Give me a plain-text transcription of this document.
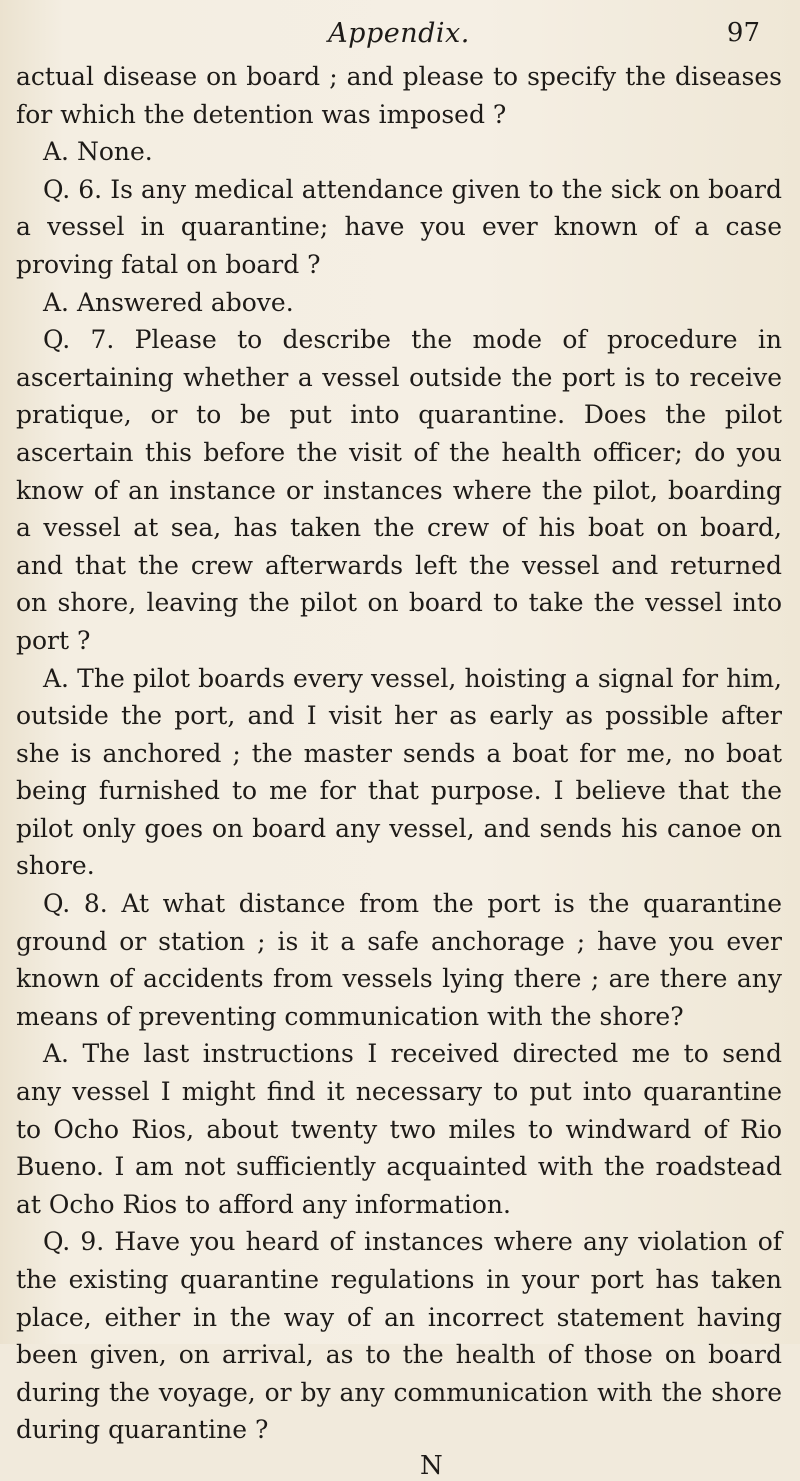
Appendix.	97

actual disease on board ; and please to specify the diseases for which the detention was imposed ?

A. None.

Q. 6. Is any medical attendance given to the sick on board a vessel in quarantine; have you ever known of a case proving fatal on board ?

A. Answered above.

Q. 7. Please to describe the mode of procedure in ascertaining whether a vessel outside the port is to receive pratique, or to be put into quarantine. Does the pilot ascertain this before the visit of the health officer; do you know of an instance or instances where the pilot, boarding a vessel at sea, has taken the crew of his boat on board, and that the crew afterwards left the vessel and returned on shore, leaving the pilot on board to take the vessel into port ?

A. The pilot boards every vessel, hoisting a signal for him, outside the port, and I visit her as early as possible after she is anchored ; the master sends a boat for me, no boat being furnished to me for that purpose. I believe that the pilot only goes on board any vessel, and sends his canoe on shore.

Q. 8. At what distance from the port is the quarantine ground or station ; is it a safe anchorage ; have you ever known of accidents from vessels lying there ; are there any means of preventing communication with the shore?

A. The last instructions I received directed me to send any vessel I might find it necessary to put into quarantine to Ocho Rios, about twenty two miles to windward of Rio Bueno. I am not sufficiently acquainted with the roadstead at Ocho Rios to afford any information.

Q. 9. Have you heard of instances where any violation of the existing quarantine regulations in your port has taken place, either in the way of an incorrect statement having been given, on arrival, as to the health of those on board during the voyage, or by any communication with the shore during quarantine ?

N
